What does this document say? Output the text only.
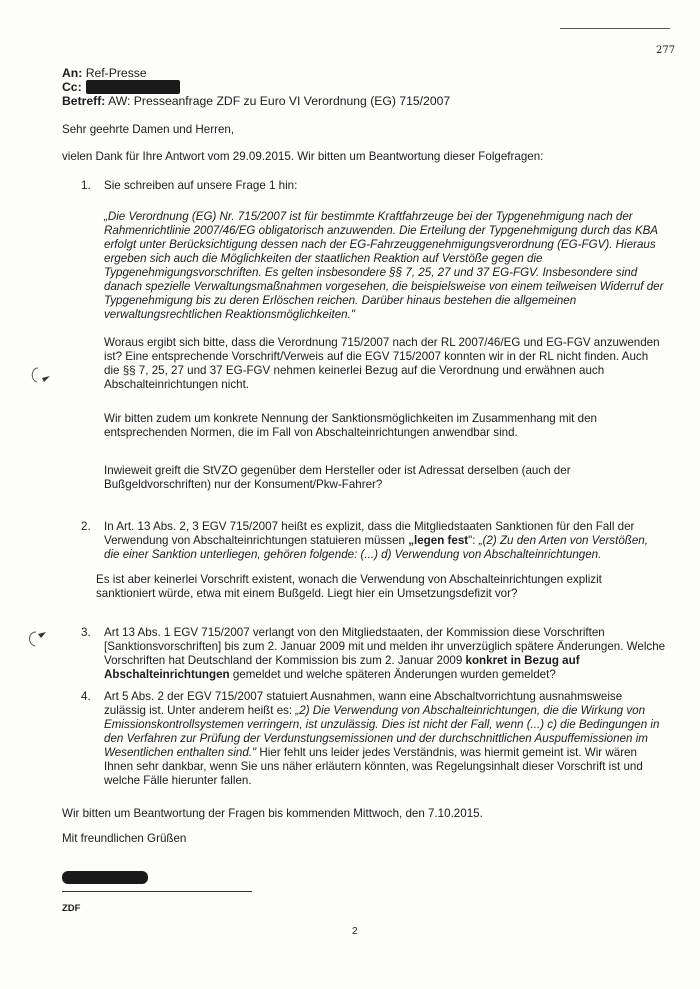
277
An: Ref-Presse
Cc:
Betreff: AW: Presseanfrage ZDF zu Euro VI Verordnung (EG) 715/2007

Sehr geehrte Damen und Herren,

vielen Dank für Ihre Antwort vom 29.09.2015. Wir bitten um Beantwortung dieser Folgefragen:

1. Sie schreiben auf unsere Frage 1 hin:

„Die Verordnung (EG) Nr. 715/2007 ist für bestimmte Kraftfahrzeuge bei der Typgenehmigung nach der

Rahmenrichtlinie 2007/46/EG obligatorisch anzuwenden. Die Erteilung der Typgenehmigung durch das KBA

erfolgt unter Berücksichtigung dessen nach der EG-Fahrzeuggenehmigungsverordnung (EG-FGV). Hieraus

ergeben sich auch die Möglichkeiten der staatlichen Reaktion auf Verstöße gegen die

Typgenehmigungsvorschriften. Es gelten insbesondere §§ 7, 25, 27 und 37 EG-FGV. Insbesondere sind

danach spezielle Verwaltungsmaßnahmen vorgesehen, die beispielsweise von einem teilweisen Widerruf der

Typgenehmigung bis zu deren Erlöschen reichen. Darüber hinaus bestehen die allgemeinen

verwaltungsrechtlichen Reaktionsmöglichkeiten."

Woraus ergibt sich bitte, dass die Verordnung 715/2007 nach der RL 2007/46/EG und EG-FGV anzuwenden

ist? Eine entsprechende Vorschrift/Verweis auf die EGV 715/2007 konnten wir in der RL nicht finden. Auch

die §§ 7, 25, 27 und 37 EG-FGV nehmen keinerlei Bezug auf die Verordnung und erwähnen auch

Abschalteinrichtungen nicht.

Wir bitten zudem um konkrete Nennung der Sanktionsmöglichkeiten im Zusammenhang mit den

entsprechenden Normen, die im Fall von Abschalteinrichtungen anwendbar sind.

Inwieweit greift die StVZO gegenüber dem Hersteller oder ist Adressat derselben (auch der

Bußgeldvorschriften) nur der Konsument/Pkw-Fahrer?

2. In Art. 13 Abs. 2, 3 EGV 715/2007 heißt es explizit, dass die Mitgliedstaaten Sanktionen für den Fall der

Verwendung von Abschalteinrichtungen statuieren müssen „legen fest": „(2) Zu den Arten von Verstößen,

die einer Sanktion unterliegen, gehören folgende: (...) d) Verwendung von Abschalteinrichtungen.

Es ist aber keinerlei Vorschrift existent, wonach die Verwendung von Abschalteinrichtungen explizit

sanktioniert würde, etwa mit einem Bußgeld. Liegt hier ein Umsetzungsdefizit vor?

3. Art 13 Abs. 1 EGV 715/2007 verlangt von den Mitgliedstaaten, der Kommission diese Vorschriften

[Sanktionsvorschriften] bis zum 2. Januar 2009 mit und melden ihr unverzüglich spätere Änderungen. Welche

Vorschriften hat Deutschland der Kommission bis zum 2. Januar 2009 konkret in Bezug auf

Abschalteinrichtungen gemeldet und welche späteren Änderungen wurden gemeldet?

4. Art 5 Abs. 2 der EGV 715/2007 statuiert Ausnahmen, wann eine Abschaltvorrichtung ausnahmsweise

zulässig ist. Unter anderem heißt es: „2) Die Verwendung von Abschalteinrichtungen, die die Wirkung von

Emissionskontrollsystemen verringern, ist unzulässig. Dies ist nicht der Fall, wenn (...) c) die Bedingungen in

den Verfahren zur Prüfung der Verdunstungsemissionen und der durchschnittlichen Auspuffemissionen im

Wesentlichen enthalten sind." Hier fehlt uns leider jedes Verständnis, was hiermit gemeint ist. Wir wären

Ihnen sehr dankbar, wenn Sie uns näher erläutern könnten, was Regelungsinhalt dieser Vorschrift ist und

welche Fälle hierunter fallen.

Wir bitten um Beantwortung der Fragen bis kommenden Mittwoch, den 7.10.2015.

Mit freundlichen Grüßen

ZDF

2
